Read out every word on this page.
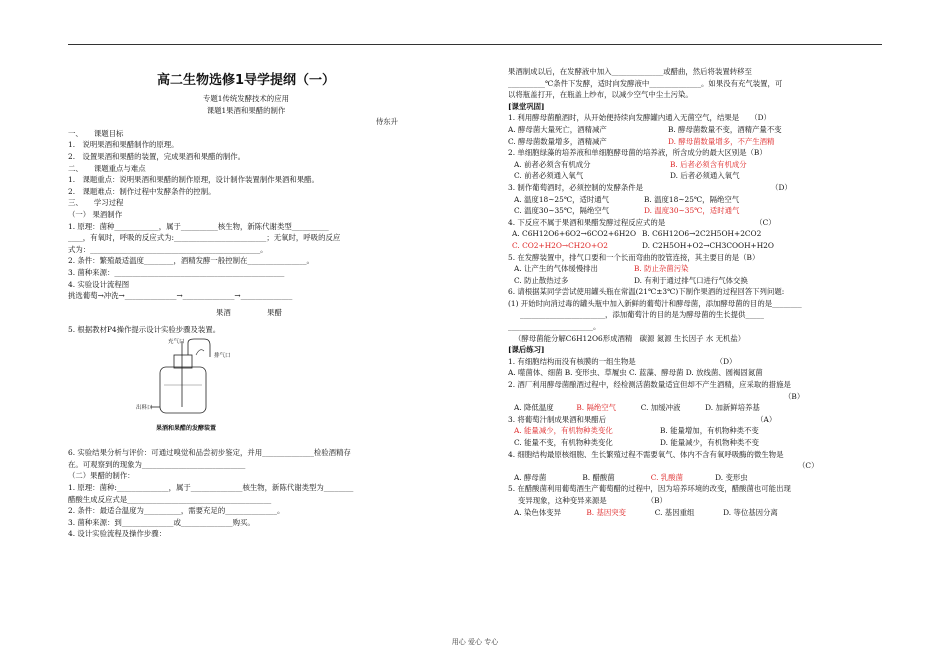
高二生物选修1导学提纲（一）
专题1传统发酵技术的应用
课题1果酒和果醋的制作
侍东升
一、　　课题目标
1.　说明果酒和果醋制作的原理。
2.　设置果酒和果醋的装置，完成果酒和果醋的制作。
二、　　课题重点与难点
1.　课题重点：说明果酒和果醋的制作原理，设计制作装置制作果酒和果醋。
2.　课题难点：制作过程中发酵条件的控制。
三、　　学习过程
（一） 果酒制作
1. 原理：菌种____________，属于__________核生物，新陈代谢类型__________
____，有氧时，呼吸的反应式为:_________________________；无氧时，呼吸的反应
式为：______________________________________________。
2. 条件：繁殖最适温度________，酒精发酵一般控制在________________。
3. 菌种来源：______________________________________________
4. 实验设计流程图
挑选葡萄→冲洗→______________→______________→______________
果酒	果醋
5. 根据教材P4操作提示设计实验步骤及装置。
充气口
排气口
出料口
果酒和果醋的发酵装置
6. 实验结果分析与评价：可通过嗅觉和品尝初步鉴定，并用______________检验酒精存
在。可观察到的现象为____________________________
（二）果醋的制作：
1. 原理：菌种:______________，属于______________核生物，新陈代谢类型为________
醋酸生成反应式是_______________________________________
2. 条件：最适合温度为__________，需要充足的______________。
3. 菌种来源：到______________或______________购买。
4. 设计实验流程及操作步骤：
果酒制成以后，在发酵液中加入______________或醋曲，然后将装置转移至
__________℃条件下发酵，适时向发酵液中______________。如果没有充气装置，可
以将瓶盖打开，在瓶盖上纱布，以减少空气中尘土污染。
[课堂巩固]
1. 利用酵母菌酿酒时，从开始便持续向发酵罐内通入无菌空气，结果是　　（D）
A. 酵母菌大量死亡，酒精减产	B. 酵母菌数量不变，酒精产量不变
C. 酵母菌数量增多，酒精减产	D. 酵母菌数量增多，不产生酒精
2. 单细胞绿藻的培养液和单细胞酵母菌的培养液，所含成分的最大区别是（B）
A. 前者必须含有机成分	B. 后者必须含有机成分
C. 前者必须通入氧气	D. 后者必须通入氧气
3. 制作葡萄酒时，必须控制的发酵条件是	（D）
A. 温度18~25℃，适时通气	B. 温度18~25℃，隔绝空气
C. 温度30~35℃，隔绝空气	D. 温度30~35℃，适时通气
4. 下反应不属于果酒和果醋发酵过程反应式的是	（C）
A. C6H12O6+6O2→6CO2+6H2O B. C6H12O6→2C2H5OH+2CO2
C. CO2+H2O→CH2O+O2	D. C2H5OH+O2→CH3COOH+H2O
5. 在发酵装置中，排气口要和一个长而弯曲的胶管连接，其主要目的是（B）
A. 让产生的气体缓慢排出	B. 防止杂菌污染
C. 防止散热过多	D. 有利于通过排气口进行气体交换
6. 请根据某同学尝试使用罐头瓶在常温(21℃±3℃)下制作果酒的过程回答下列问题:
(1) 开始时向消过毒的罐头瓶中加入新鲜的葡萄汁和酵母菌，添加酵母菌的目的是________
_______________________，添加葡萄汁的目的是为酵母菌的生长提供_____
_______________________。
（酵母菌能分解C6H12O6形成酒精　碳源 氮源 生长因子 水 无机盐）
[课后练习]
1. 有细胞结构而没有核膜的一组生物是	（D）
A. 噬菌体、细菌 B. 变形虫、草履虫 C. 蓝藻、酵母菌 D. 放线菌、圆褐固氮菌
2. 酒厂利用酵母菌酿酒过程中，经检测活菌数量适宜但却不产生酒精，应采取的措施是
（B）
A. 降低温度	B. 隔绝空气	C. 加缓冲液	D. 加新鲜培养基
3. 将葡萄汁制成果酒和果醋后	（A）
A. 能量减少，有机物种类变化	B. 能量增加，有机物种类不变
C. 能量不变，有机物种类变化	D. 能量减少，有机物种类不变
4. 细胞结构最原核细胞、生长繁殖过程不需要氧气、体内不含有氧呼吸酶的微生物是
（C）
A. 酵母菌	B. 醋酸菌	C. 乳酸菌	D. 变形虫
5. 在醋酸菌利用葡萄酒生产葡萄醋的过程中，因为培养环境的改变，醋酸菌也可能出现
变异现象，这种变异来源是	（B）
A. 染色体变异	B. 基因突变	C. 基因重组	D. 等位基因分离
用心 爱心 专心
